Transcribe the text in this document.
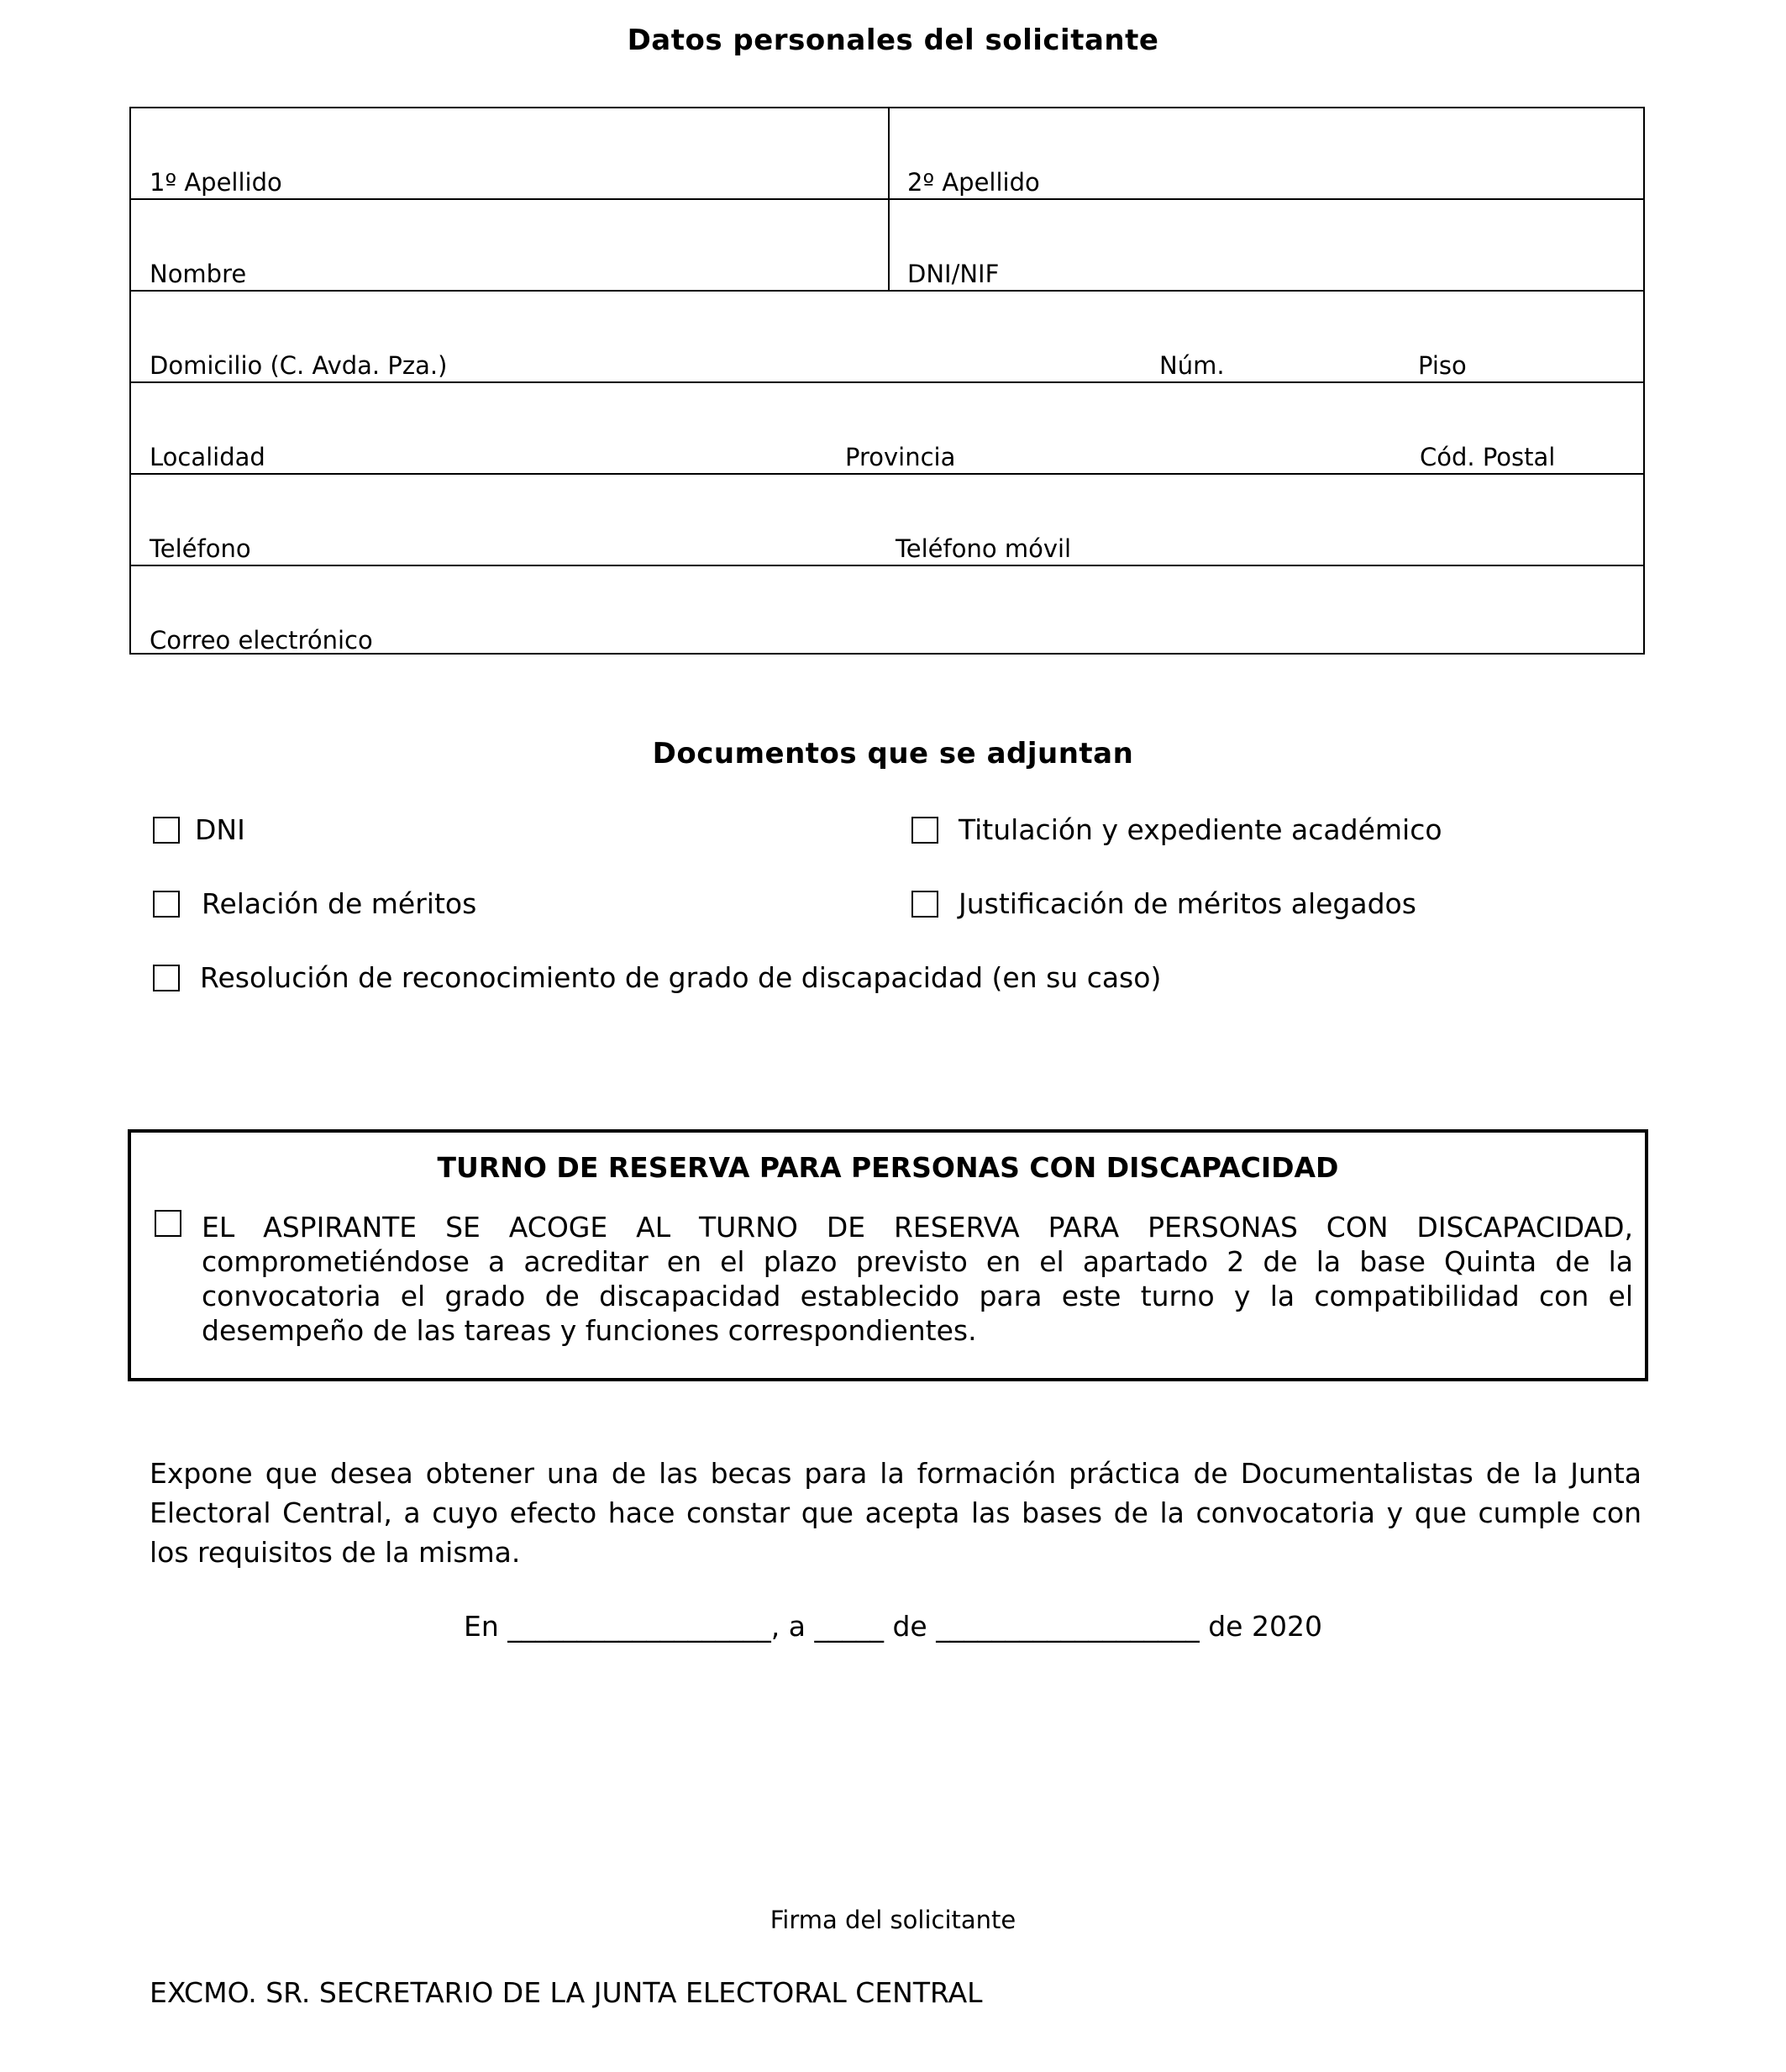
Datos personales del solicitante
1º Apellido	2º Apellido
Nombre	DNI/NIF
Domicilio (C. Avda. Pza.)	Núm.	Piso
Localidad	Provincia	Cód. Postal
Teléfono	Teléfono móvil
Correo electrónico
Documentos que se adjuntan
DNI	Titulación y expediente académico
Relación de méritos	Justificación de méritos alegados
Resolución de reconocimiento de grado de discapacidad (en su caso)
TURNO DE RESERVA PARA PERSONAS CON DISCAPACIDAD
EL ASPIRANTE SE ACOGE AL TURNO DE RESERVA PARA PERSONAS CON DISCAPACIDAD, comprometiéndose a acreditar en el plazo previsto en el apartado 2 de la base Quinta de la convocatoria el grado de discapacidad establecido para este turno y la compatibilidad con el desempeño de las tareas y funciones correspondientes.
Expone que desea obtener una de las becas para la formación práctica de Documentalistas de la Junta Electoral Central, a cuyo efecto hace constar que acepta las bases de la convocatoria y que cumple con los requisitos de la misma.
En ___________________, a _____ de ___________________ de 2020
Firma del solicitante
EXCMO. SR. SECRETARIO DE LA JUNTA ELECTORAL CENTRAL
